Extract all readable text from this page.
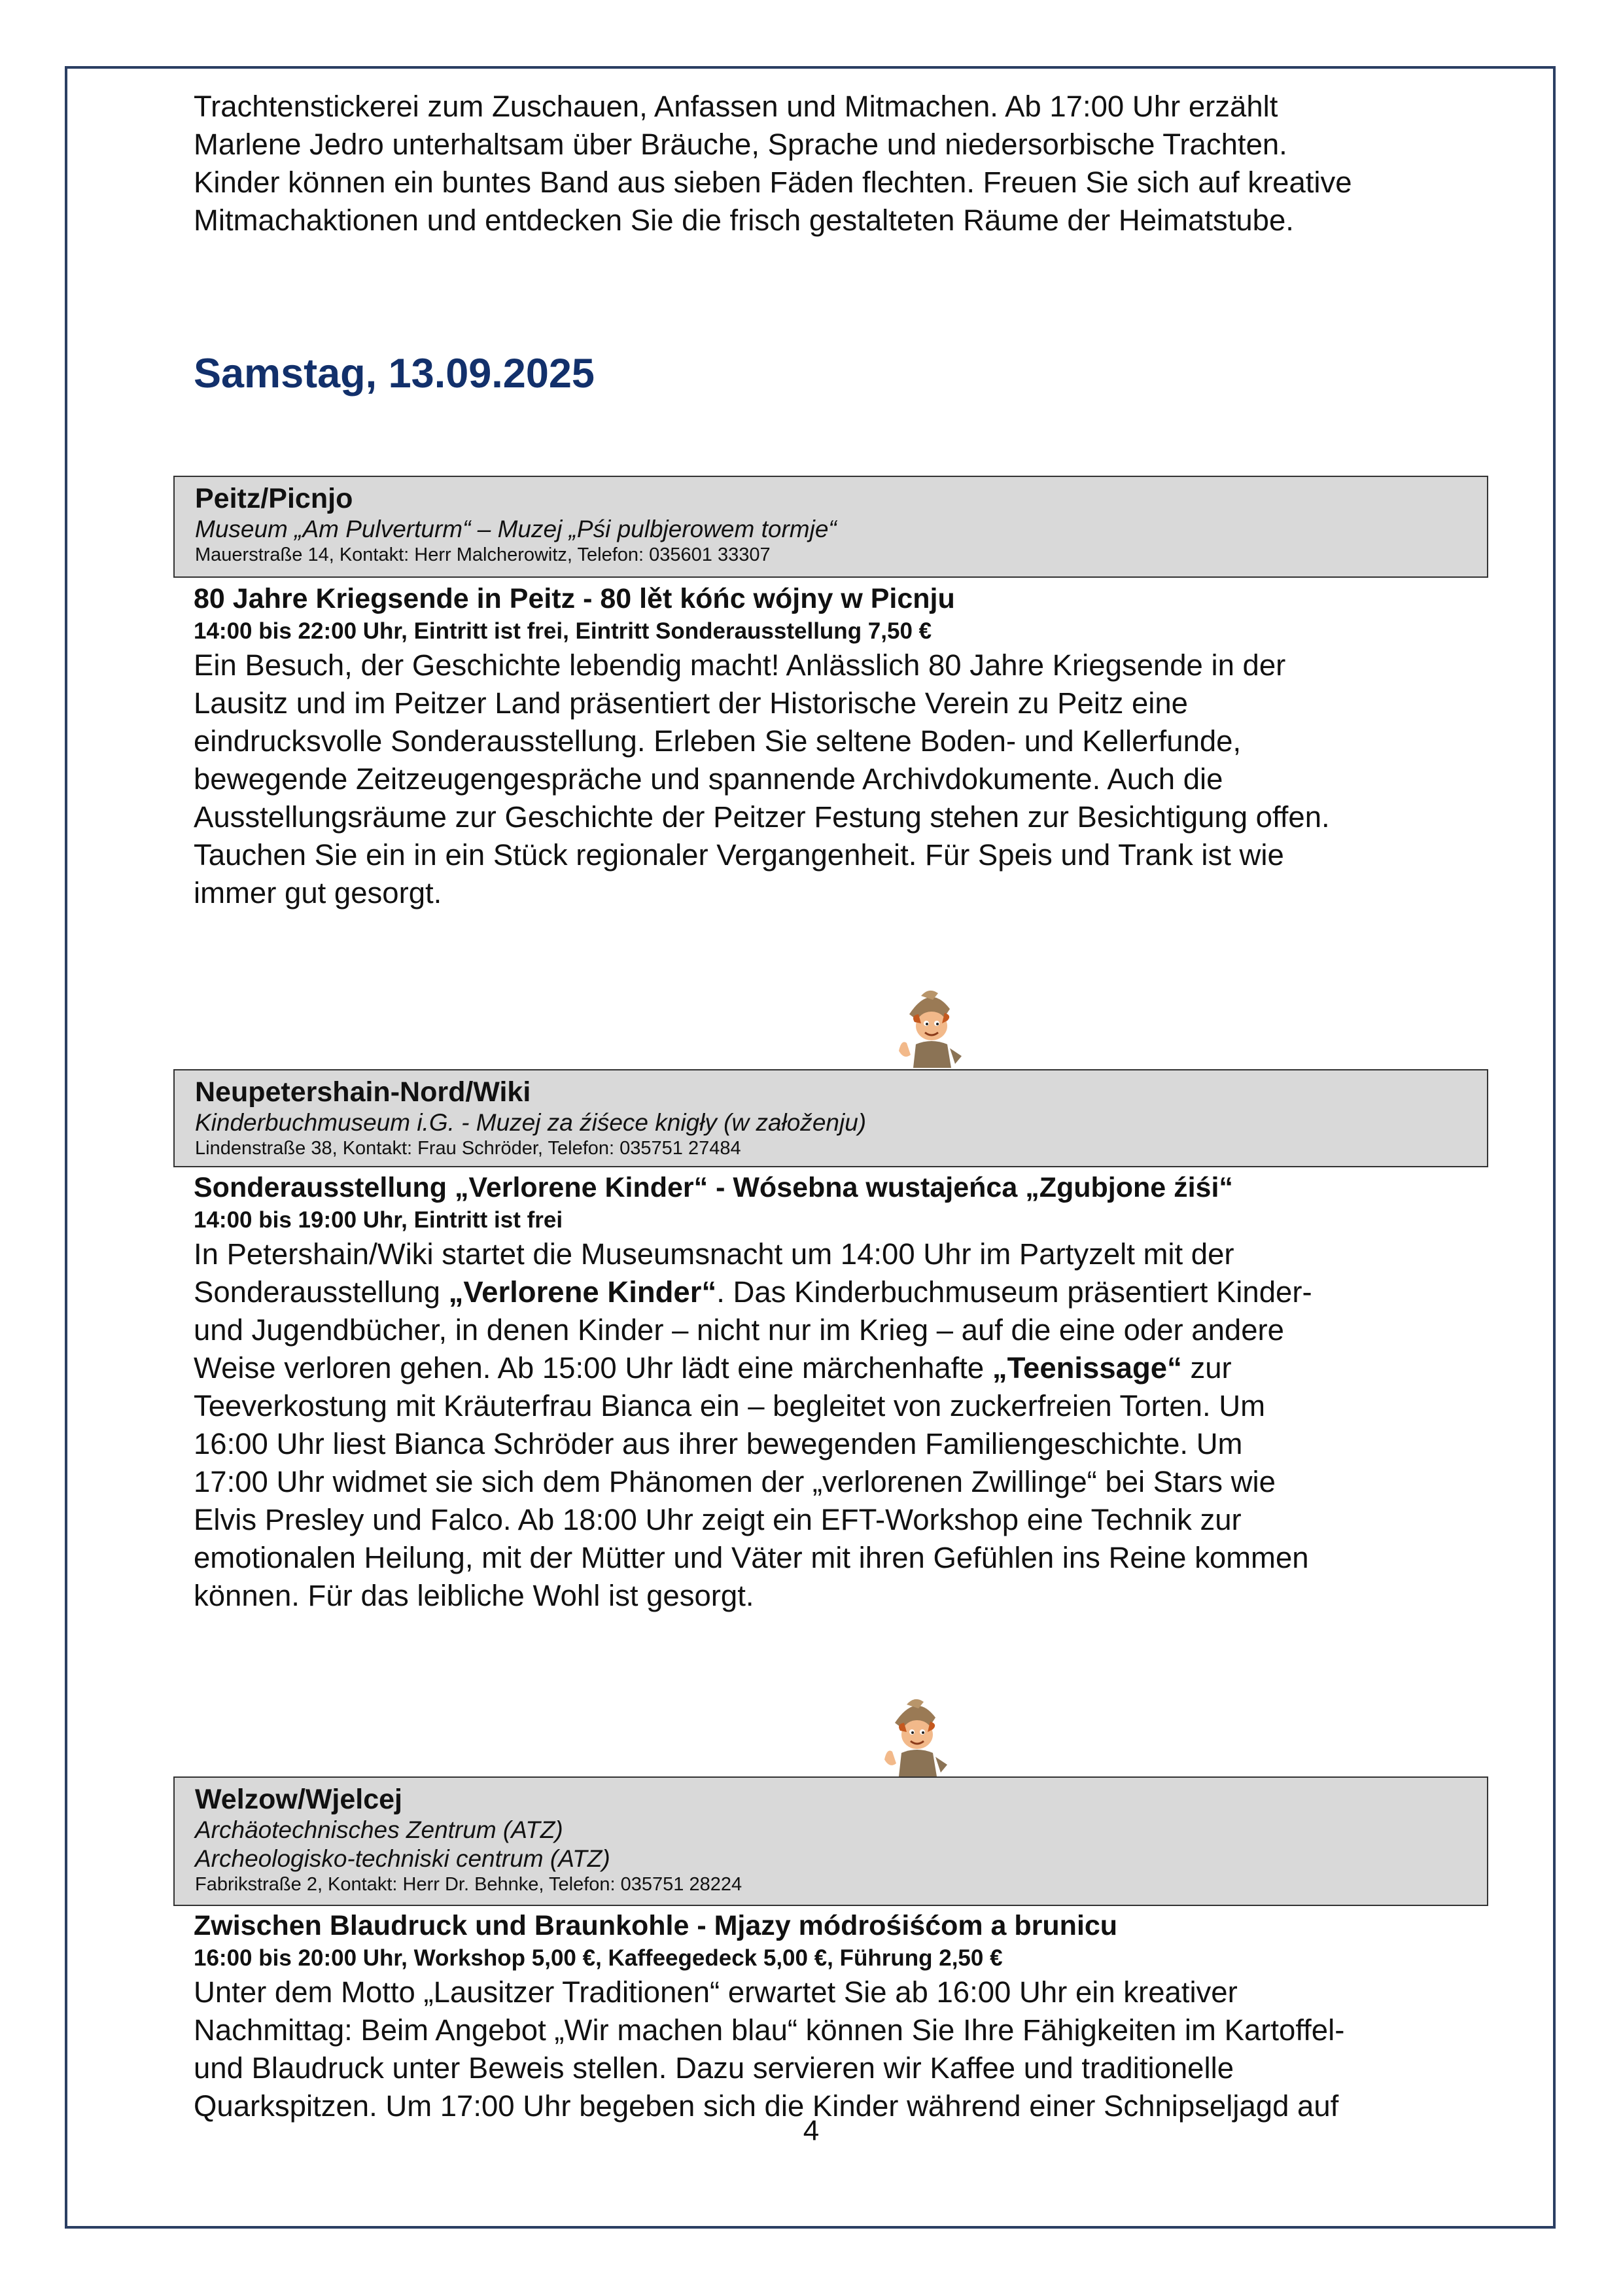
Trachtenstickerei zum Zuschauen, Anfassen und Mitmachen. Ab 17:00 Uhr erzählt
Marlene Jedro unterhaltsam über Bräuche, Sprache und niedersorbische Trachten.
Kinder können ein buntes Band aus sieben Fäden flechten. Freuen Sie sich auf kreative
Mitmachaktionen und entdecken Sie die frisch gestalteten Räume der Heimatstube.

Samstag, 13.09.2025
Peitz/Picnjo
Museum „Am Pulverturm“ – Muzej „Pśi pulbjerowem tormje“
Mauerstraße 14, Kontakt: Herr Malcherowitz, Telefon: 035601 33307

80 Jahre Kriegsende in Peitz - 80 lět kóńc wójny w Picnju

14:00 bis 22:00 Uhr, Eintritt ist frei, Eintritt Sonderausstellung 7,50 €

Ein Besuch, der Geschichte lebendig macht! Anlässlich 80 Jahre Kriegsende in der
Lausitz und im Peitzer Land präsentiert der Historische Verein zu Peitz eine
eindrucksvolle Sonderausstellung. Erleben Sie seltene Boden- und Kellerfunde,
bewegende Zeitzeugengespräche und spannende Archivdokumente. Auch die
Ausstellungsräume zur Geschichte der Peitzer Festung stehen zur Besichtigung offen.
Tauchen Sie ein in ein Stück regionaler Vergangenheit. Für Speis und Trank ist wie
immer gut gesorgt.

Neupetershain-Nord/Wiki
Kinderbuchmuseum i.G. - Muzej za źiśece knigły (w załoženju)
Lindenstraße 38, Kontakt: Frau Schröder, Telefon: 035751 27484

Sonderausstellung „Verlorene Kinder“ - Wósebna wustajeńca „Zgubjone źiśi“

14:00 bis 19:00 Uhr, Eintritt ist frei

In Petershain/Wiki startet die Museumsnacht um 14:00 Uhr im Partyzelt mit der
Sonderausstellung „Verlorene Kinder“. Das Kinderbuchmuseum präsentiert Kinder-
und Jugendbücher, in denen Kinder – nicht nur im Krieg – auf die eine oder andere
Weise verloren gehen. Ab 15:00 Uhr lädt eine märchenhafte „Teenissage“ zur
Teeverkostung mit Kräuterfrau Bianca ein – begleitet von zuckerfreien Torten. Um
16:00 Uhr liest Bianca Schröder aus ihrer bewegenden Familiengeschichte. Um
17:00 Uhr widmet sie sich dem Phänomen der „verlorenen Zwillinge“ bei Stars wie
Elvis Presley und Falco. Ab 18:00 Uhr zeigt ein EFT-Workshop eine Technik zur
emotionalen Heilung, mit der Mütter und Väter mit ihren Gefühlen ins Reine kommen
können. Für das leibliche Wohl ist gesorgt.

Welzow/Wjelcej
Archäotechnisches Zentrum (ATZ)
Archeologisko-techniski centrum (ATZ)
Fabrikstraße 2, Kontakt: Herr Dr. Behnke, Telefon: 035751 28224

Zwischen Blaudruck und Braunkohle - Mjazy módrośiśćom a brunicu

16:00 bis 20:00 Uhr, Workshop 5,00 €, Kaffeegedeck 5,00 €, Führung 2,50 €

Unter dem Motto „Lausitzer Traditionen“ erwartet Sie ab 16:00 Uhr ein kreativer
Nachmittag: Beim Angebot „Wir machen blau“ können Sie Ihre Fähigkeiten im Kartoffel-
und Blaudruck unter Beweis stellen. Dazu servieren wir Kaffee und traditionelle
Quarkspitzen. Um 17:00 Uhr begeben sich die Kinder während einer Schnipseljagd auf

4
